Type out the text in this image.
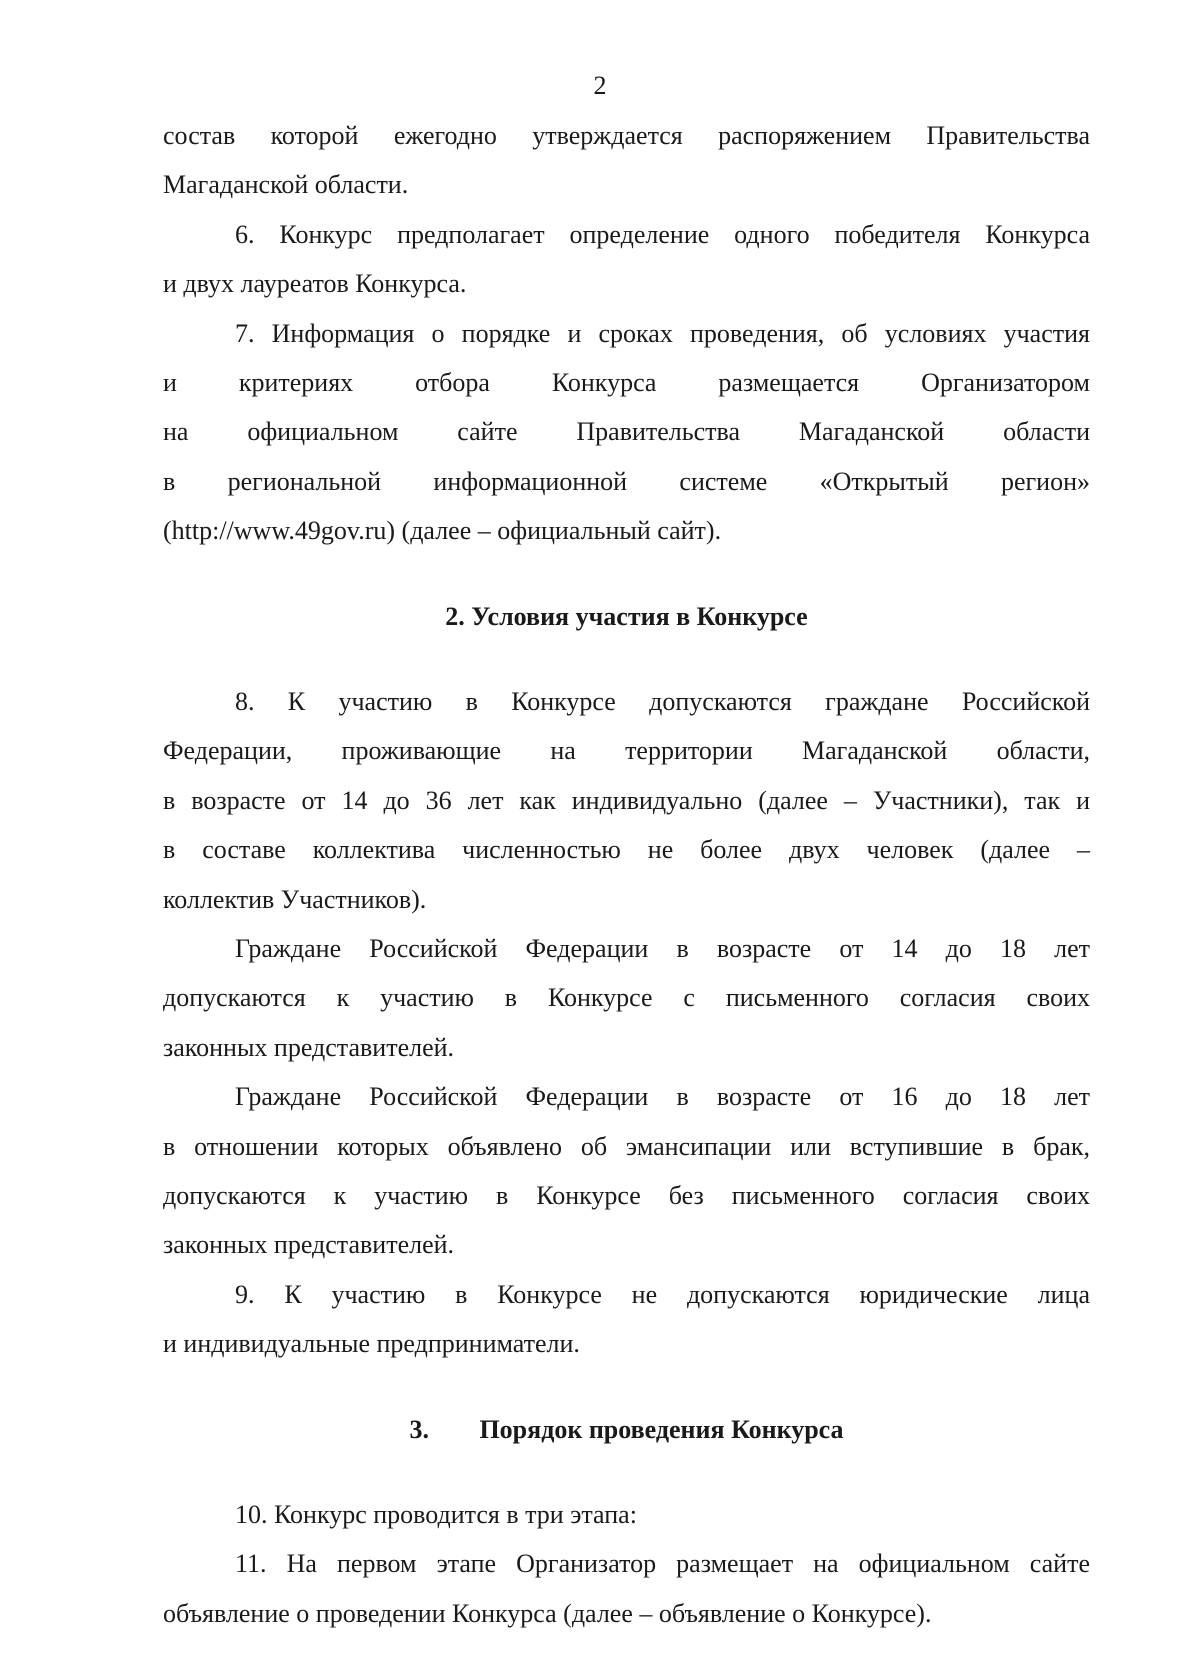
2
состав которой ежегодно утверждается распоряжением Правительства
Магаданской области.
6. Конкурс предполагает определение одного победителя Конкурса
и двух лауреатов Конкурса.
7. Информация о порядке и сроках проведения, об условиях участия
и критериях отбора Конкурса размещается Организатором
на официальном сайте Правительства Магаданской области
в региональной информационной системе «Открытый регион»
(http://www.49gov.ru) (далее – официальный сайт).
2. Условия участия в Конкурсе
8. К участию в Конкурсе допускаются граждане Российской
Федерации, проживающие на территории Магаданской области,
в возрасте от 14 до 36 лет как индивидуально (далее – Участники), так и
в составе коллектива численностью не более двух человек (далее –
коллектив Участников).
Граждане Российской Федерации в возрасте от 14 до 18 лет
допускаются к участию в Конкурсе с письменного согласия своих
законных представителей.
Граждане Российской Федерации в возрасте от 16 до 18 лет
в отношении которых объявлено об эмансипации или вступившие в брак,
допускаются к участию в Конкурсе без письменного согласия своих
законных представителей.
9. К участию в Конкурсе не допускаются юридические лица
и индивидуальные предприниматели.
3. Порядок проведения Конкурса
10. Конкурс проводится в три этапа:
11. На первом этапе Организатор размещает на официальном сайте
объявление о проведении Конкурса (далее – объявление о Конкурсе).
